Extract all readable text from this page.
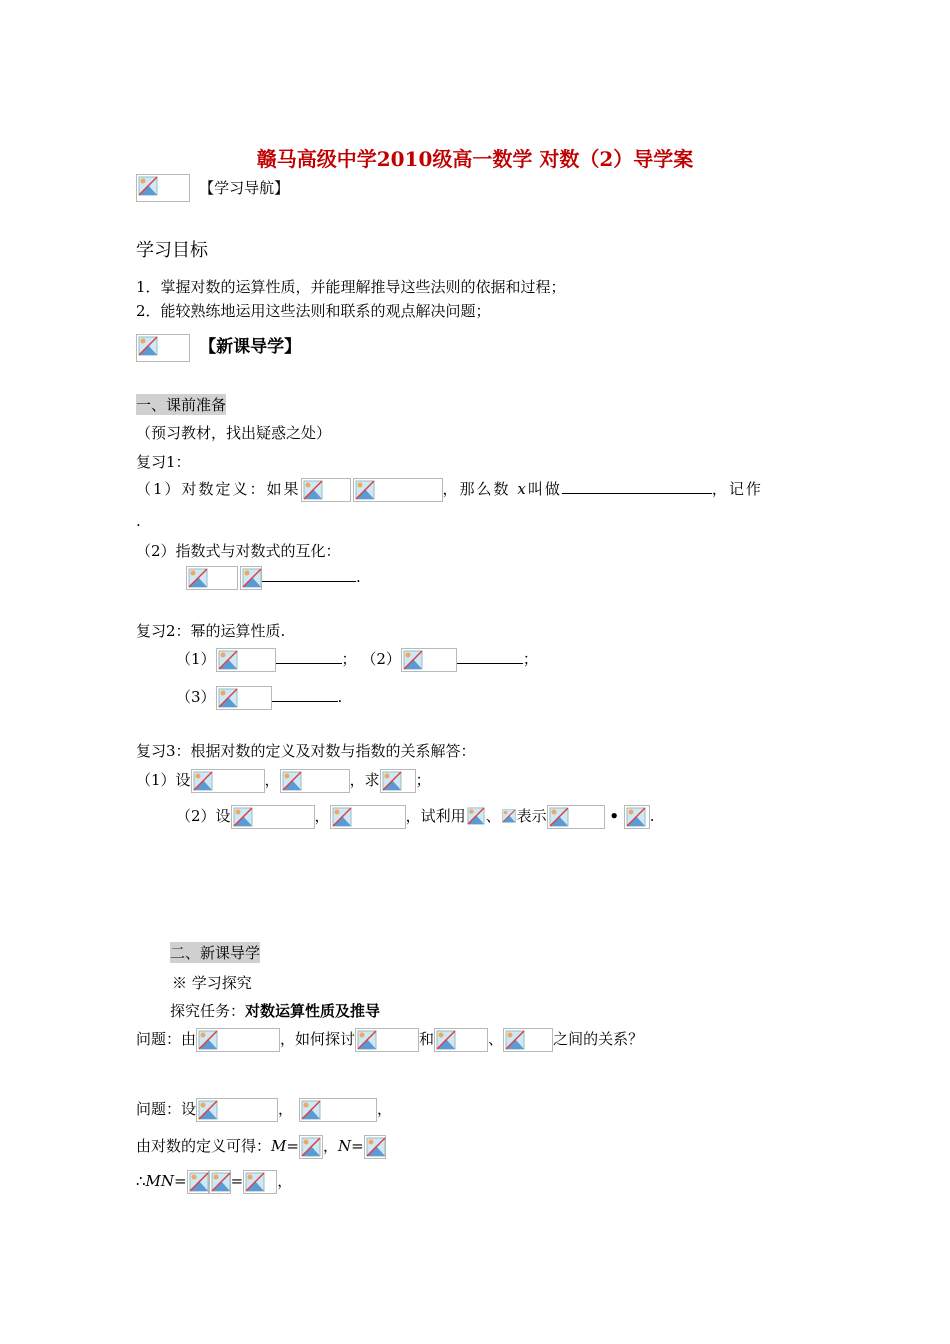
赣马高级中学2010级高一数学 对数（2）导学案
【学习导航】
学习目标
1．掌握对数的运算性质，并能理解推导这些法则的依据和过程；
2．能较熟练地运用这些法则和联系的观点解决问题；
【新课导学】
一、课前准备
（预习教材，找出疑惑之处）
复习1：
（1）对数定义：如果	，那么数 x叫做	，记作
.
（2）指数式与对数式的互化：
.
复习2：幂的运算性质.
（1）	； （2）	；
（3）	.
复习3：根据对数的定义及对数与指数的关系解答：
（1）设	，	，求 ；
（2）设	，	，试利用 、 表示	• .
二、新课导学
※ 学习探究
探究任务：对数运算性质及推导
问题：由	，如何探讨	和	、	之间的关系？
问题：设	，	，
由对数的定义可得：M= ，N=
∴MN=	= ，
